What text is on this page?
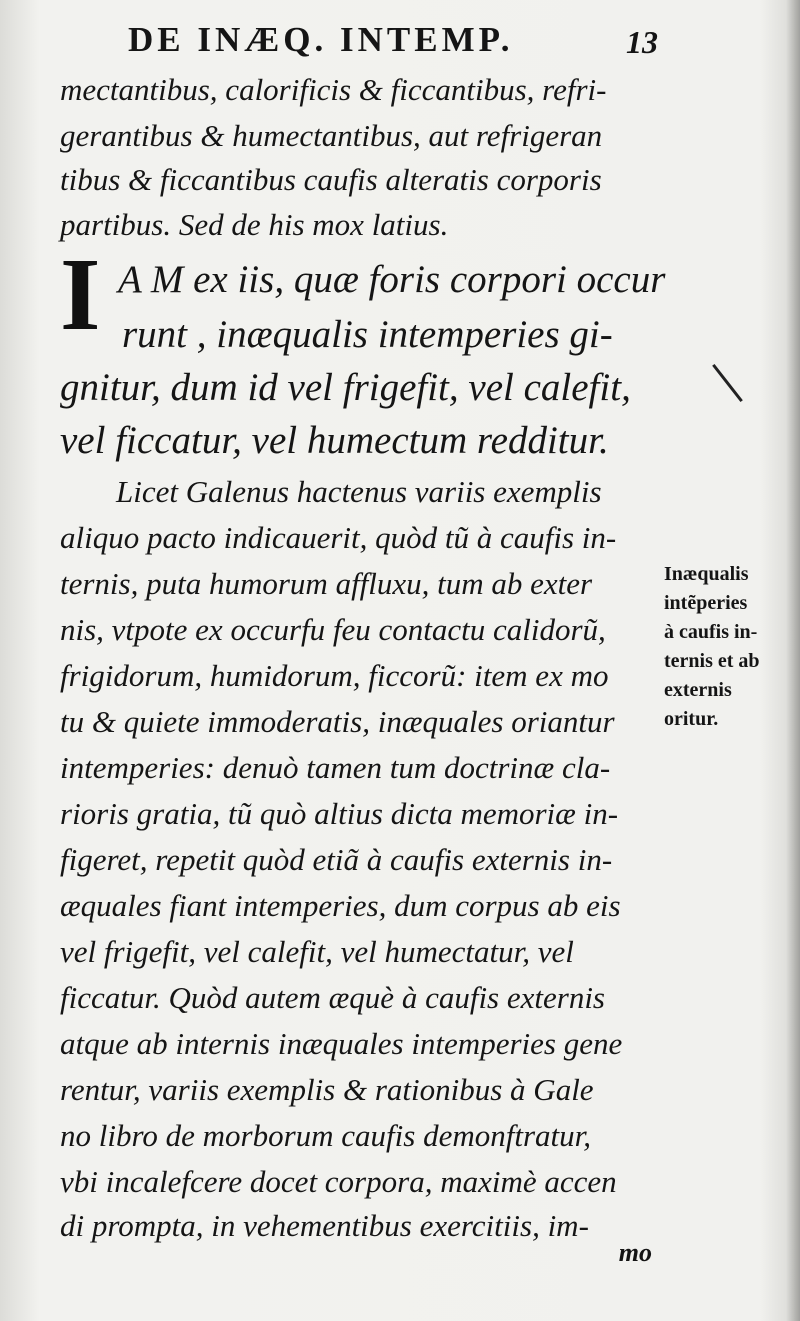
DE INÆQ. INTEMP.	13
mectantibus, calorificis & ficcantibus, refri-
gerantibus & humectantibus, aut refrigeran
tibus & ficcantibus caufis alteratis corporis
partibus. Sed de his mox latius.
I A M ex iis, quæ foris corpori occur
runt , inæqualis intemperies gi-
gnitur, dum id vel frigefit, vel calefit,
vel ficcatur, vel humectum redditur.
Licet Galenus hactenus variis exemplis
aliquo pacto indicauerit, quòd tũ à caufis in-
ternis, puta humorum affluxu, tum ab exter
nis, vtpote ex occurfu feu contactu calidorũ,
frigidorum, humidorum, ficcorũ: item ex mo
tu & quiete immoderatis, inæquales oriantur
intemperies: denuò tamen tum doctrinæ cla-
rioris gratia, tũ quò altius dicta memoriæ in-
figeret, repetit quòd etiã à caufis externis in-
æquales fiant intemperies, dum corpus ab eis
vel frigefit, vel calefit, vel humectatur, vel
ficcatur. Quòd autem æquè à caufis externis
atque ab internis inæquales intemperies gene
rentur, variis exemplis & rationibus à Gale
no libro de morborum caufis demonftratur,
vbi incalefcere docet corpora, maximè accen
di prompta, in vehementibus exercitiis, im-
Inæqualis
intẽperies
à caufis in-
ternis et ab
externis
oritur.
mo
